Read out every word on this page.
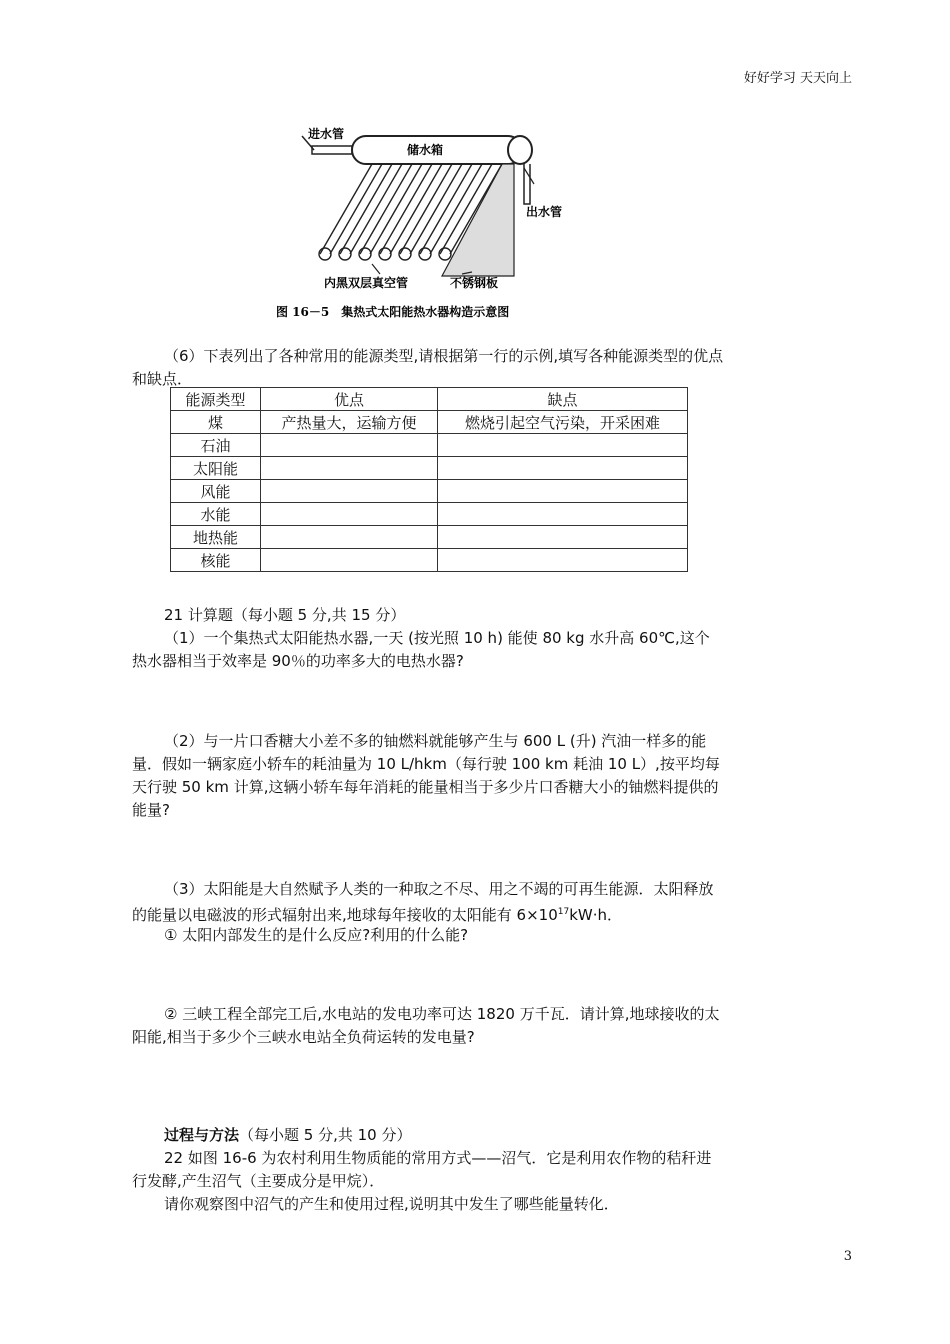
好好学习 天天向上
进水管
储水箱
出水管
内黑双层真空管	不锈钢板
图 16－5　集热式太阳能热水器构造示意图
（6）下表列出了各种常用的能源类型,请根据第一行的示例,填写各种能源类型的优点和缺点．
能源类型	优点	缺点
煤	产热量大，运输方便	燃烧引起空气污染，开采困难
石油		
太阳能		
风能		
水能		
地热能		
核能		
21 计算题（每小题 5 分,共 15 分）
（1）一个集热式太阳能热水器,一天 (按光照 10 h) 能使 80 kg 水升高 60℃,这个热水器相当于效率是 90％的功率多大的电热水器?
（2）与一片口香糖大小差不多的铀燃料就能够产生与 600 L (升) 汽油一样多的能量．假如一辆家庭小轿车的耗油量为 10 L/hkm（每行驶 100 km 耗油 10 L）,按平均每天行驶 50 km 计算,这辆小轿车每年消耗的能量相当于多少片口香糖大小的铀燃料提供的能量?
（3）太阳能是大自然赋予人类的一种取之不尽、用之不竭的可再生能源．太阳释放的能量以电磁波的形式辐射出来,地球每年接收的太阳能有 $6\times 10^{17}kW\cdot h$．
① 太阳内部发生的是什么反应?利用的什么能?
② 三峡工程全部完工后,水电站的发电功率可达 1820 万千瓦．请计算,地球接收的太阳能,相当于多少个三峡水电站全负荷运转的发电量?
过程与方法（每小题 5 分,共 10 分）
22 如图 16-6 为农村利用生物质能的常用方式——沼气．它是利用农作物的秸秆进行发酵,产生沼气（主要成分是甲烷）．
请你观察图中沼气的产生和使用过程,说明其中发生了哪些能量转化．
3
